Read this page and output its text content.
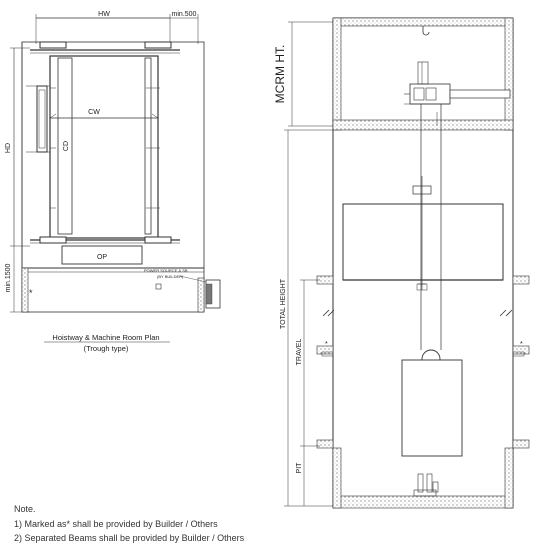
HW	min.500
CW
HD	CD
OP
min.1500
*
POWER SOURCE & SB
(BY BUILDER)
Hoistway & Machine Room Plan
(Trough type)
MCRM HT.
TOTAL HEIGHT
TRAVEL
PIT
*	*
Note.
1) Marked as* shall be provided by Builder / Others
2) Separated Beams shall be provided by Builder / Others
